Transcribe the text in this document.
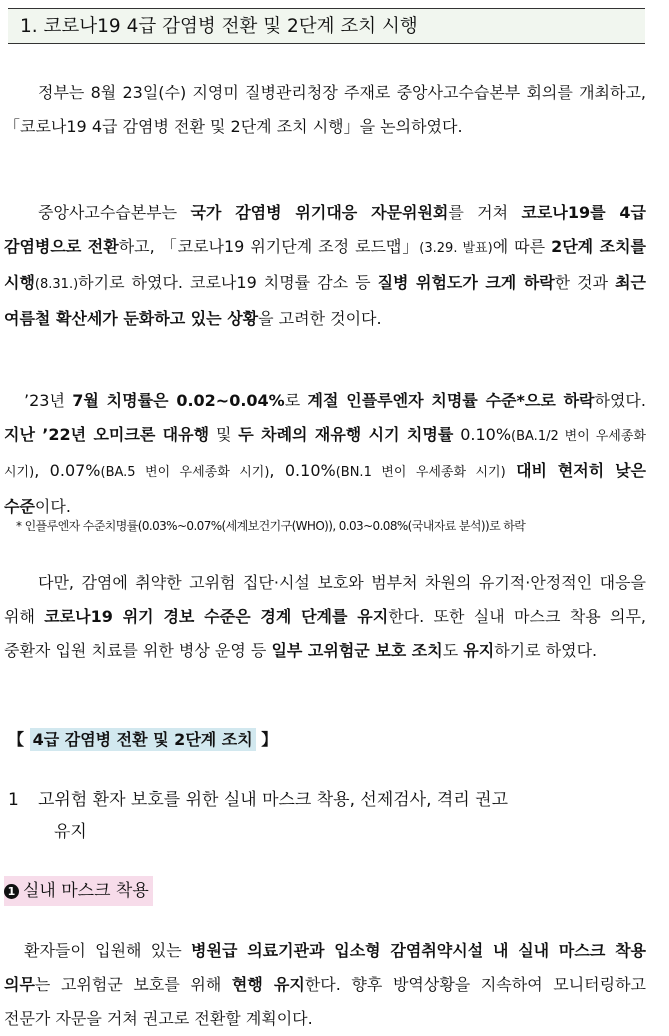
1. 코로나19 4급 감염병 전환 및 2단계 조치 시행
정부는 8월 23일(수) 지영미 질병관리청장 주재로 중앙사고수습본부 회의를 개최하고, 「코로나19 4급 감염병 전환 및 2단계 조치 시행」을 논의하였다.
중앙사고수습본부는 국가 감염병 위기대응 자문위원회를 거쳐 코로나19를 4급 감염병으로 전환하고, 「코로나19 위기단계 조정 로드맵」(3.29. 발표)에 따른 2단계 조치를 시행(8.31.)하기로 하였다. 코로나19 치명률 감소 등 질병 위험도가 크게 하락한 것과 최근 여름철 확산세가 둔화하고 있는 상황을 고려한 것이다.
’23년 7월 치명률은 0.02~0.04%로 계절 인플루엔자 치명률 수준*으로 하락하였다. 지난 ’22년 오미크론 대유행 및 두 차례의 재유행 시기 치명률 0.10%(BA.1/2 변이 우세종화 시기), 0.07%(BA.5 변이 우세종화 시기), 0.10%(BN.1 변이 우세종화 시기) 대비 현저히 낮은 수준이다.
* 인플루엔자 수준치명률(0.03%~0.07%(세계보건기구(WHO)), 0.03~0.08%(국내자료 분석))로 하락
다만, 감염에 취약한 고위험 집단·시설 보호와 범부처 차원의 유기적·안정적인 대응을 위해 코로나19 위기 경보 수준은 경계 단계를 유지한다. 또한 실내 마스크 착용 의무, 중환자 입원 치료를 위한 병상 운영 등 일부 고위험군 보호 조치도 유지하기로 하였다.
【 4급 감염병 전환 및 2단계 조치 】
1	고위험 환자 보호를 위한 실내 마스크 착용, 선제검사, 격리 권고
유지
1 실내 마스크 착용
환자들이 입원해 있는 병원급 의료기관과 입소형 감염취약시설 내 실내 마스크 착용 의무는 고위험군 보호를 위해 현행 유지한다. 향후 방역상황을 지속하여 모니터링하고 전문가 자문을 거쳐 권고로 전환할 계획이다.
